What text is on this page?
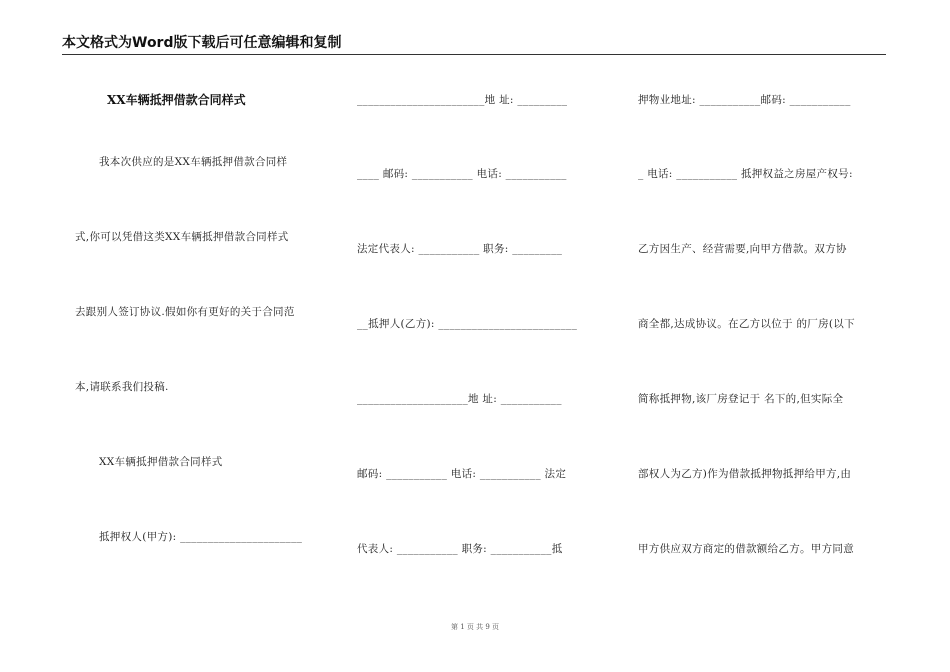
本文格式为Word版下载后可任意编辑和复制
XX车辆抵押借款合同样式
我本次供应的是XX车辆抵押借款合同样
式,你可以凭借这类XX车辆抵押借款合同样式
去跟别人签订协议.假如你有更好的关于合同范
本,请联系我们投稿.
XX车辆抵押借款合同样式
抵押权人(甲方): ______________________
_______________________地 址: _________
____ 邮码: ___________ 电话: ___________
法定代表人: ___________ 职务: _________
__抵押人(乙方): _________________________
____________________地 址: ___________
邮码: ___________ 电话: ___________ 法定
代表人: ___________ 职务: ___________抵
押物业地址: ___________邮码: ___________
_ 电话: ___________ 抵押权益之房屋产权号:
乙方因生产、经营需要,向甲方借款。双方协
商全都,达成协议。在乙方以位于 的厂房(以下
简称抵押物,该厂房登记于 名下的,但实际全
部权人为乙方)作为借款抵押物抵押给甲方,由
甲方供应双方商定的借款额给乙方。甲方同意
第 1 页 共 9 页
